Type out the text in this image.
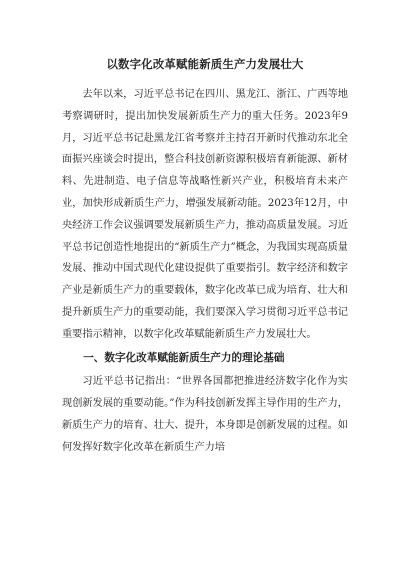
以数字化改革赋能新质生产力发展壮大

去年以来，习近平总书记在四川、黑龙江、浙江、广西等地考察调研时，提出加快发展新质生产力的重大任务。2023年9月，习近平总书记赴黑龙江省考察并主持召开新时代推动东北全面振兴座谈会时提出，整合科技创新资源积极培育新能源、新材料、先进制造、电子信息等战略性新兴产业，积极培育未来产业，加快形成新质生产力，增强发展新动能。2023年12月，中央经济工作会议强调要发展新质生产力，推动高质量发展。习近平总书记创造性地提出的“新质生产力”概念，为我国实现高质量发展、推动中国式现代化建设提供了重要指引。数字经济和数字产业是新质生产力的重要载体，数字化改革已成为培育、壮大和提升新质生产力的重要动能，我们要深入学习贯彻习近平总书记重要指示精神，以数字化改革赋能新质生产力发展壮大。

一、数字化改革赋能新质生产力的理论基础

习近平总书记指出：“世界各国都把推进经济数字化作为实现创新发展的重要动能。”作为科技创新发挥主导作用的生产力，新质生产力的培育、壮大、提升，本身即是创新发展的过程。如何发挥好数字化改革在新质生产力培
